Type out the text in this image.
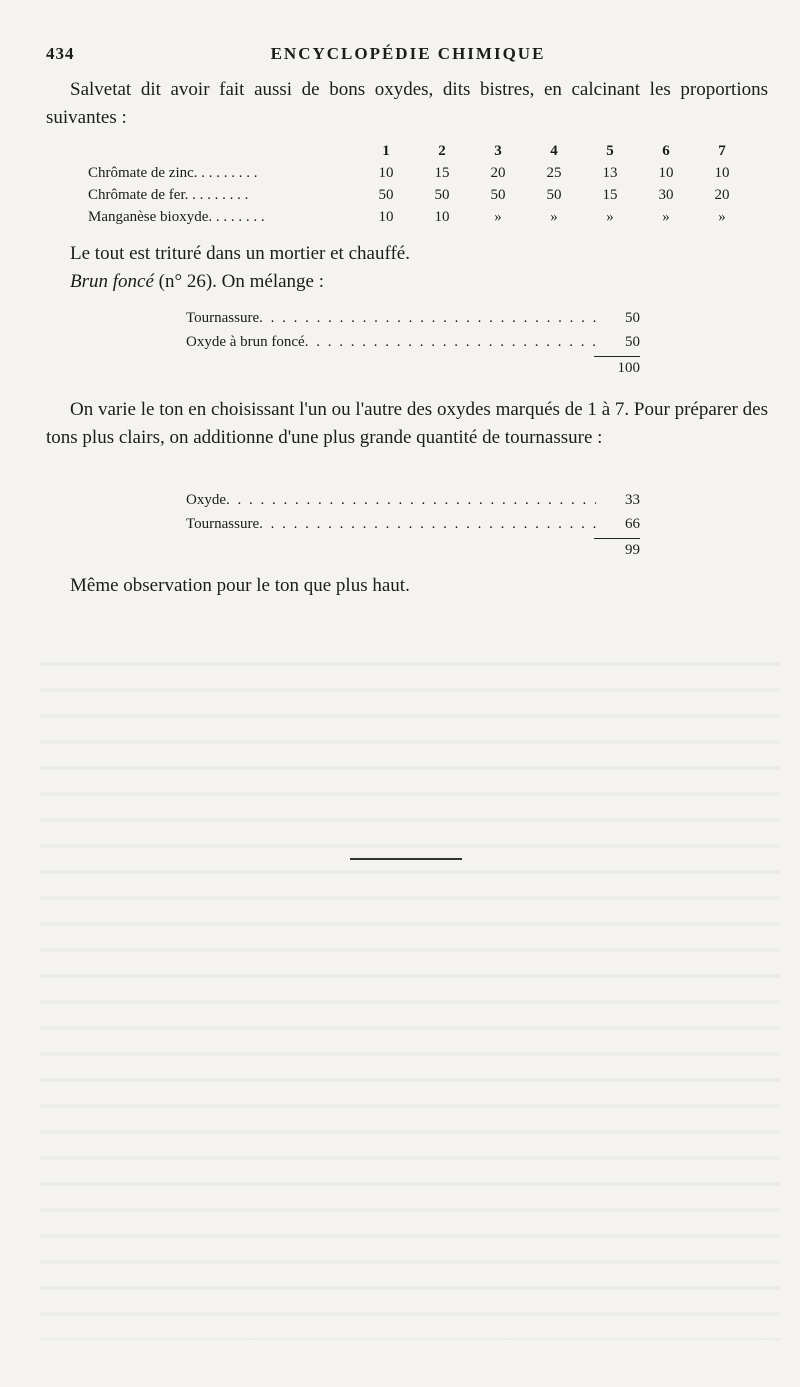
434	ENCYCLOPÉDIE CHIMIQUE

Salvetat dit avoir fait aussi de bons oxydes, dits bistres, en calcinant les proportions suivantes :

	1	2	3	4	5	6	7
Chrômate de zinc. . . . . . . . .	10	15	20	25	13	10	10
Chrômate de fer. . . . . . . . .	50	50	50	50	15	30	20
Manganèse bioxyde. . . . . . . .	10	10	»	»	»	»	»

Le tout est trituré dans un mortier et chauffé.

Brun foncé (n° 26). On mélange :

Tournassure . . .	50
Oxyde à brun foncé . . .	50
100

On varie le ton en choisissant l'un ou l'autre des oxydes marqués de 1 à 7. Pour préparer des tons plus clairs, on additionne d'une plus grande quantité de tournassure :

Oxyde . . .	33
Tournassure . . .	66
99

Même observation pour le ton que plus haut.
